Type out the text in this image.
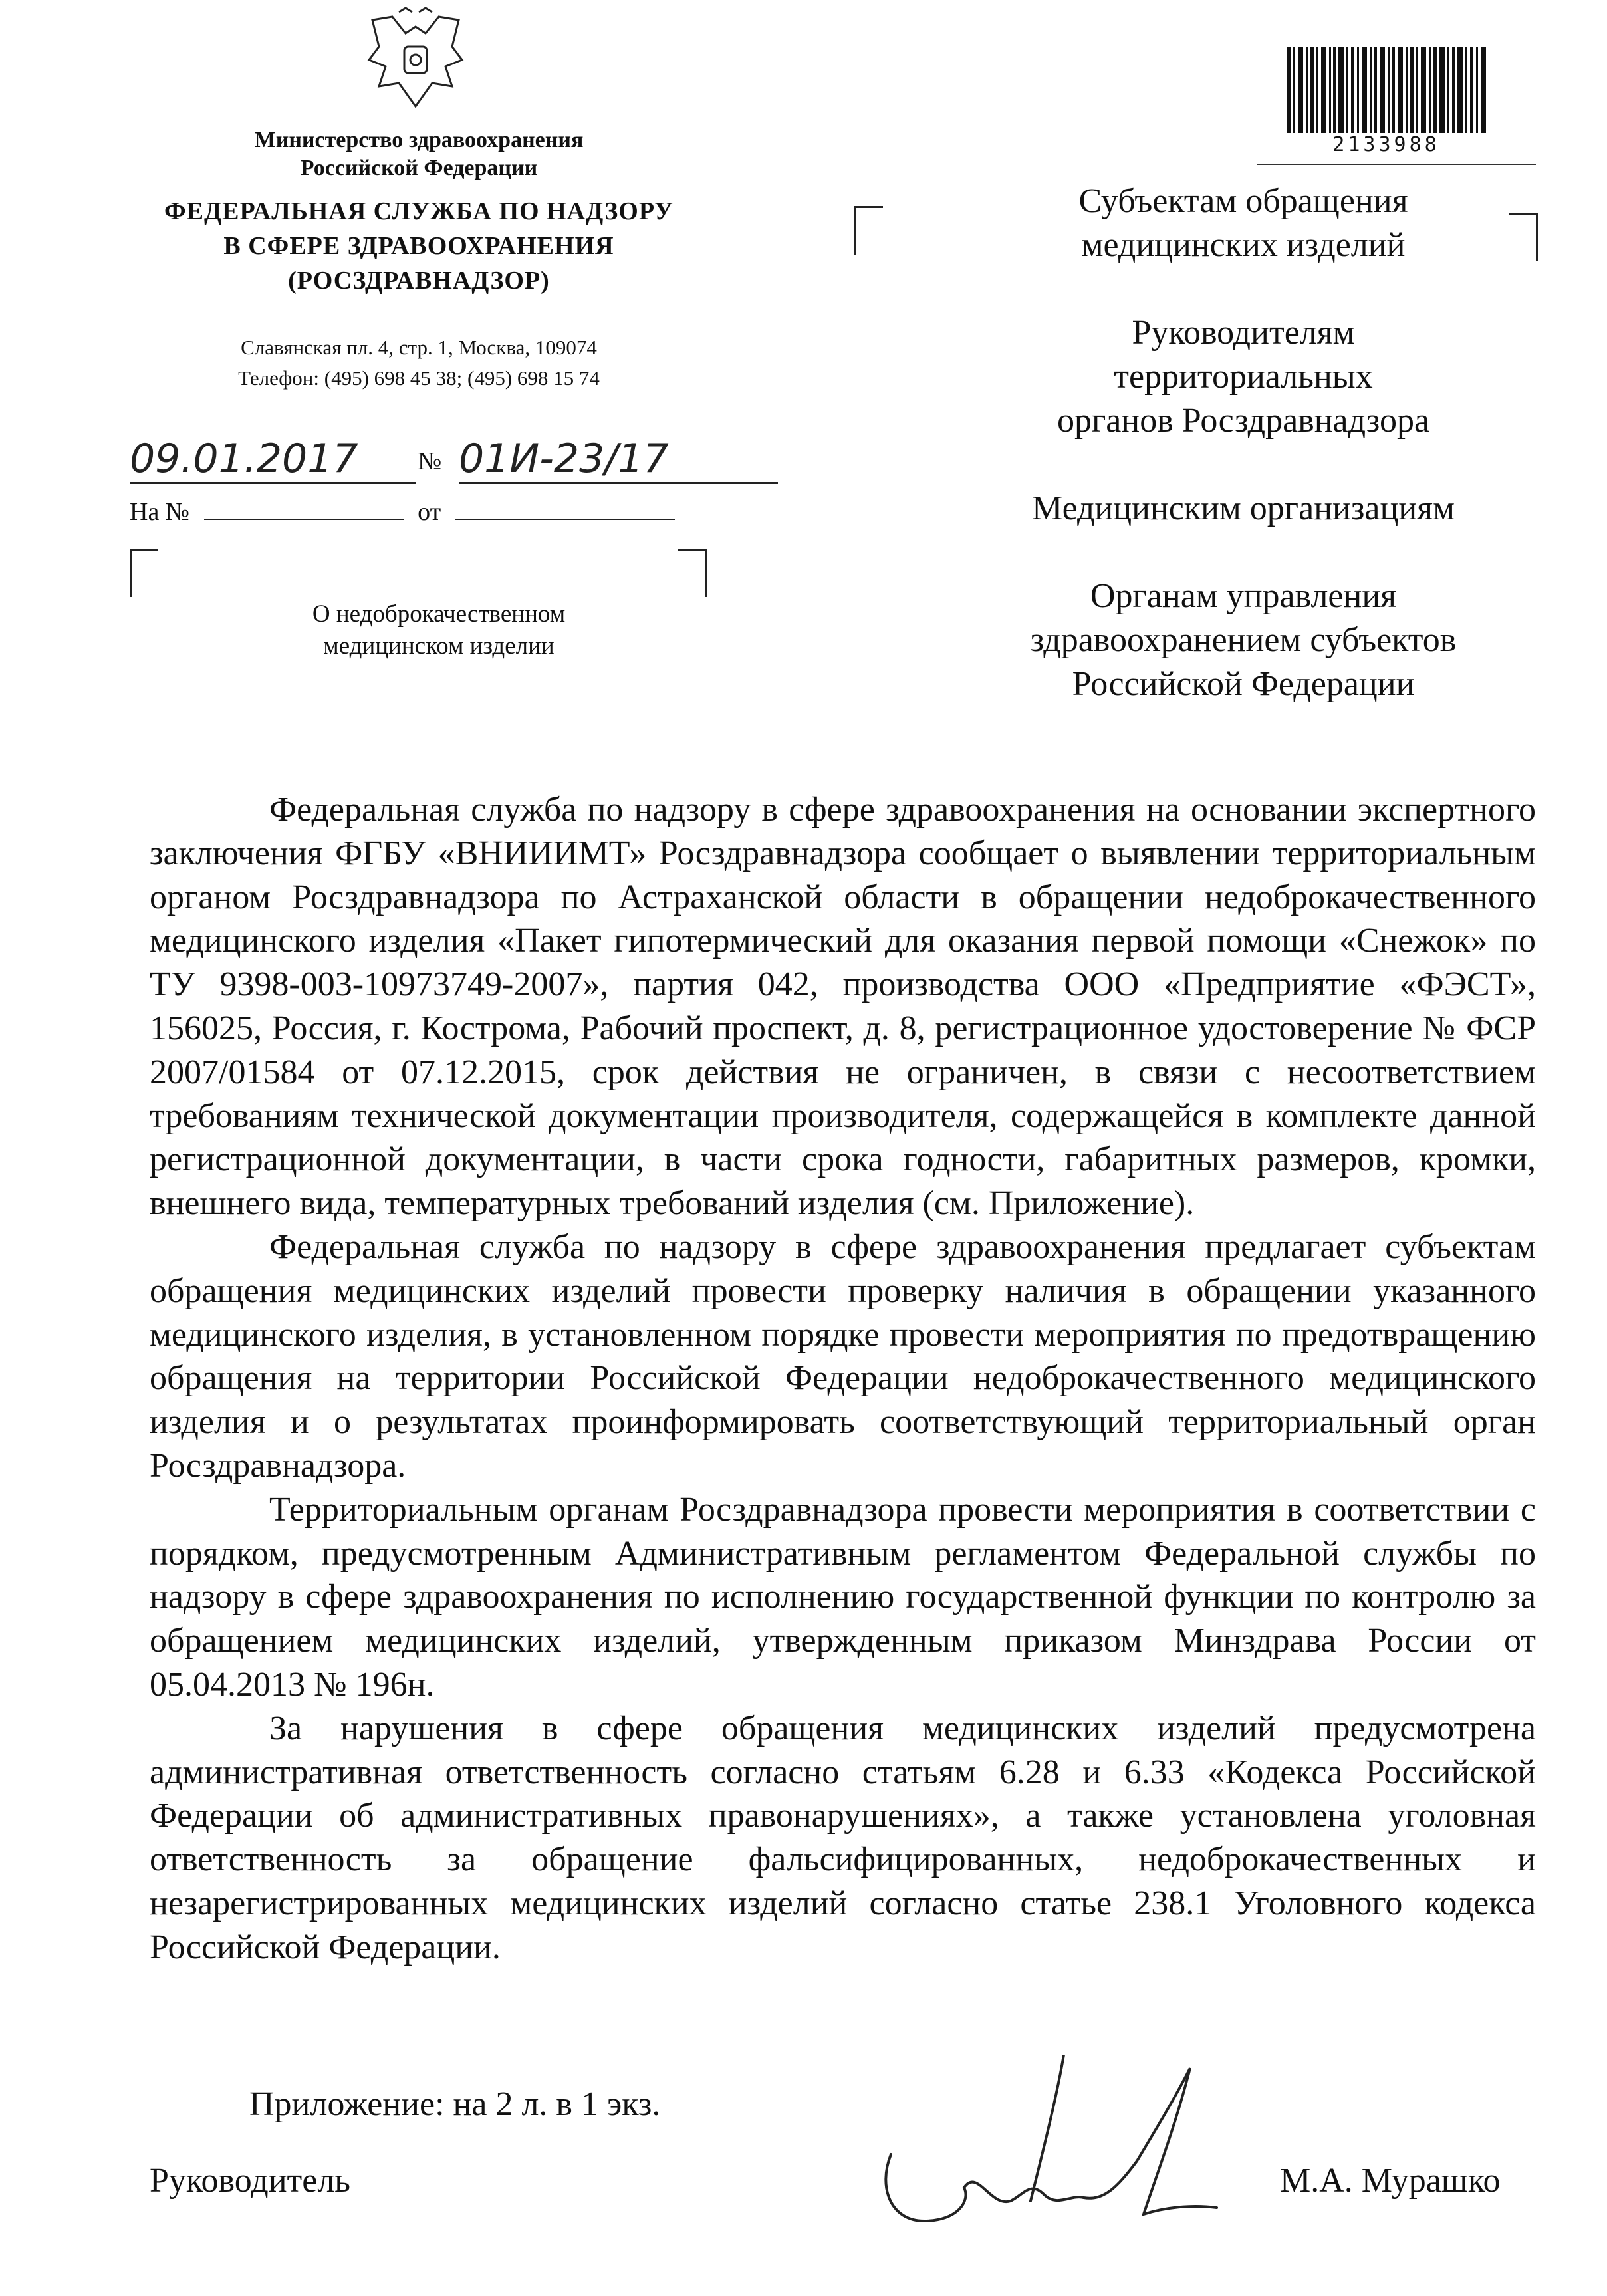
Министерство здравоохранения
Российской Федерации
ФЕДЕРАЛЬНАЯ СЛУЖБА ПО НАДЗОРУ
В СФЕРЕ ЗДРАВООХРАНЕНИЯ
(РОСЗДРАВНАДЗОР)
Славянская пл. 4, стр. 1, Москва, 109074
Телефон: (495) 698 45 38; (495) 698 15 74
09.01.2017	№ 01И-23/17
На №	от
О недоброкачественном
медицинском изделии
2133988

Субъектам обращения
медицинских изделий

Руководителям
территориальных
органов Росздравнадзора

Медицинским организациям

Органам управления
здравоохранением субъектов
Российской Федерации

Федеральная служба по надзору в сфере здравоохранения на основании экспертного заключения ФГБУ «ВНИИИМТ» Росздравнадзора сообщает о выявлении территориальным органом Росздравнадзора по Астраханской области в обращении недоброкачественного медицинского изделия «Пакет гипотермический для оказания первой помощи «Снежок» по ТУ 9398-003-10973749-2007», партия 042, производства ООО «Предприятие «ФЭСТ», 156025, Россия, г. Кострома, Рабочий проспект, д. 8, регистрационное удостоверение № ФСР 2007/01584 от 07.12.2015, срок действия не ограничен, в связи с несоответствием требованиям технической документации производителя, содержащейся в комплекте данной регистрационной документации, в части срока годности, габаритных размеров, кромки, внешнего вида, температурных требований изделия (см. Приложение).

Федеральная служба по надзору в сфере здравоохранения предлагает субъектам обращения медицинских изделий провести проверку наличия в обращении указанного медицинского изделия, в установленном порядке провести мероприятия по предотвращению обращения на территории Российской Федерации недоброкачественного медицинского изделия и о результатах проинформировать соответствующий территориальный орган Росздравнадзора.

Территориальным органам Росздравнадзора провести мероприятия в соответствии с порядком, предусмотренным Административным регламентом Федеральной службы по надзору в сфере здравоохранения по исполнению государственной функции по контролю за обращением медицинских изделий, утвержденным приказом Минздрава России от 05.04.2013 № 196н.

За нарушения в сфере обращения медицинских изделий предусмотрена административная ответственность согласно статьям 6.28 и 6.33 «Кодекса Российской Федерации об административных правонарушениях», а также установлена уголовная ответственность за обращение фальсифицированных, недоброкачественных и незарегистрированных медицинских изделий согласно статье 238.1 Уголовного кодекса Российской Федерации.

Приложение: на 2 л. в 1 экз.
Руководитель	М.А. Мурашко
